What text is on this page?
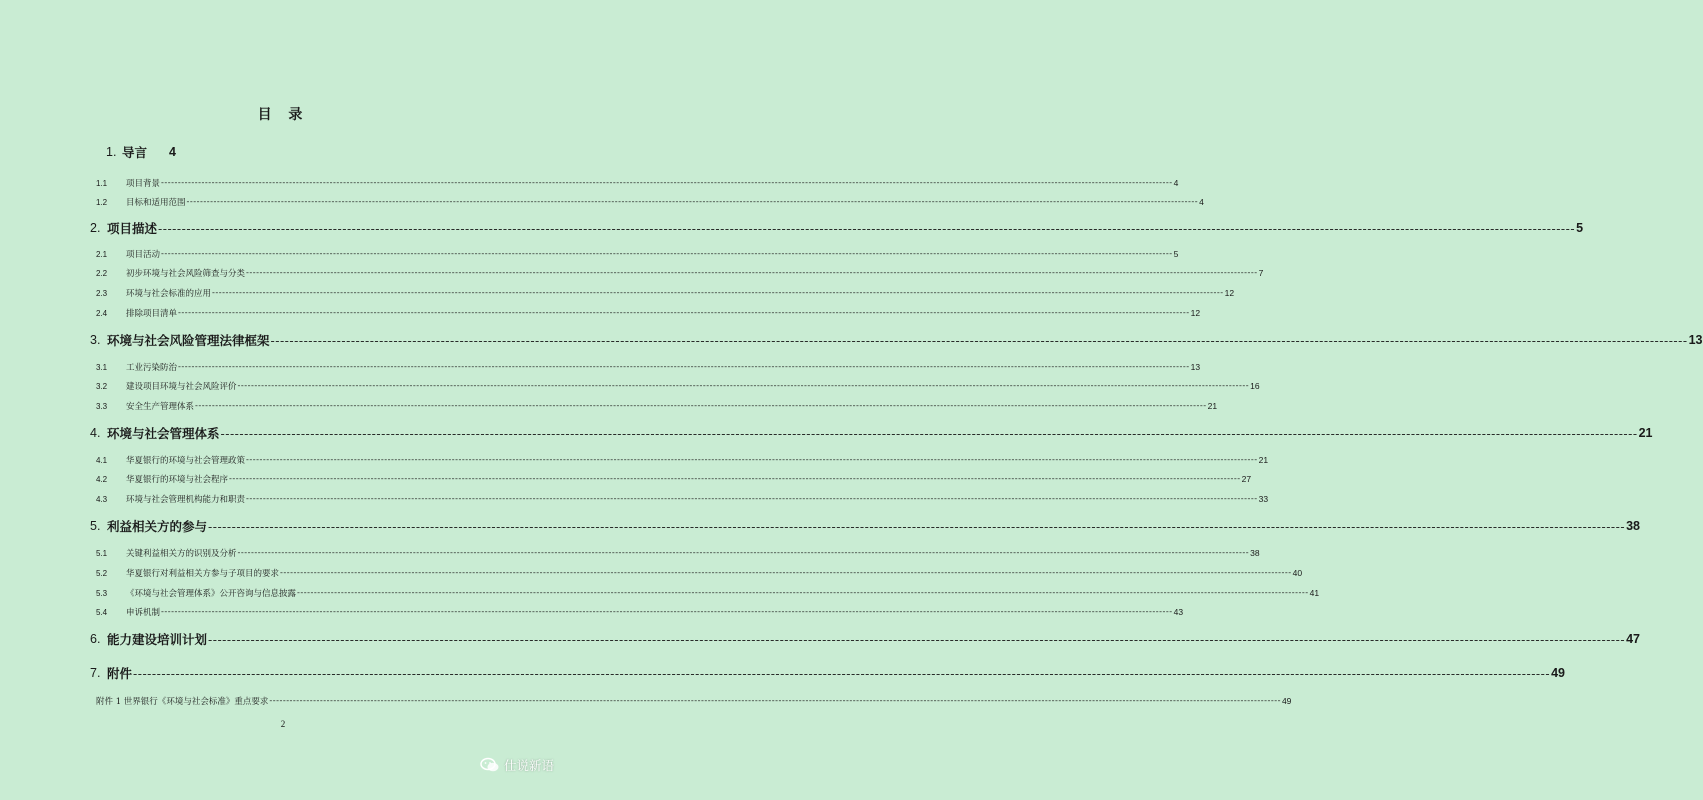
目 录
1. 导言 4
1.1 项目背景 ------------------------------------------------------------------------------------------------------------------------------------------------------------------------------------------------------------------------------------------------------------------------------------------------------------ 4
1.2 目标和适用范围 ------------------------------------------------------------------------------------------------------------------------------------------------------------------------------------------------------------------------------------------------------------------------------------------------------------ 4
2. 项目描述 ------------------------------------------------------------------------------------------------------------------------------------------------------------------------------------------------------------------------------------------------------------------------------------------------------------ 5
2.1 项目活动 ------------------------------------------------------------------------------------------------------------------------------------------------------------------------------------------------------------------------------------------------------------------------------------------------------------ 5
2.2 初步环境与社会风险筛查与分类 ------------------------------------------------------------------------------------------------------------------------------------------------------------------------------------------------------------------------------------------------------------------------------------------------------------ 7
2.3 环境与社会标准的应用 ------------------------------------------------------------------------------------------------------------------------------------------------------------------------------------------------------------------------------------------------------------------------------------------------------------ 12
2.4 排除项目清单 ------------------------------------------------------------------------------------------------------------------------------------------------------------------------------------------------------------------------------------------------------------------------------------------------------------ 12
3. 环境与社会风险管理法律框架 ------------------------------------------------------------------------------------------------------------------------------------------------------------------------------------------------------------------------------------------------------------------------------------------------------------ 13
3.1 工业污染防治 ------------------------------------------------------------------------------------------------------------------------------------------------------------------------------------------------------------------------------------------------------------------------------------------------------------ 13
3.2 建设项目环境与社会风险评价 ------------------------------------------------------------------------------------------------------------------------------------------------------------------------------------------------------------------------------------------------------------------------------------------------------------ 16
3.3 安全生产管理体系 ------------------------------------------------------------------------------------------------------------------------------------------------------------------------------------------------------------------------------------------------------------------------------------------------------------ 21
4. 环境与社会管理体系 ------------------------------------------------------------------------------------------------------------------------------------------------------------------------------------------------------------------------------------------------------------------------------------------------------------ 21
4.1 华夏银行的环境与社会管理政策 ------------------------------------------------------------------------------------------------------------------------------------------------------------------------------------------------------------------------------------------------------------------------------------------------------------ 21
4.2 华夏银行的环境与社会程序 ------------------------------------------------------------------------------------------------------------------------------------------------------------------------------------------------------------------------------------------------------------------------------------------------------------ 27
4.3 环境与社会管理机构能力和职责 ------------------------------------------------------------------------------------------------------------------------------------------------------------------------------------------------------------------------------------------------------------------------------------------------------------ 33
5. 利益相关方的参与 ------------------------------------------------------------------------------------------------------------------------------------------------------------------------------------------------------------------------------------------------------------------------------------------------------------ 38
5.1 关键利益相关方的识别及分析 ------------------------------------------------------------------------------------------------------------------------------------------------------------------------------------------------------------------------------------------------------------------------------------------------------------ 38
5.2 华夏银行对利益相关方参与子项目的要求 ------------------------------------------------------------------------------------------------------------------------------------------------------------------------------------------------------------------------------------------------------------------------------------------------------------ 40
5.3 《环境与社会管理体系》公开咨询与信息披露 ------------------------------------------------------------------------------------------------------------------------------------------------------------------------------------------------------------------------------------------------------------------------------------------------------------ 41
5.4 申诉机制 ------------------------------------------------------------------------------------------------------------------------------------------------------------------------------------------------------------------------------------------------------------------------------------------------------------ 43
6. 能力建设培训计划 ------------------------------------------------------------------------------------------------------------------------------------------------------------------------------------------------------------------------------------------------------------------------------------------------------------ 47
7. 附件 ------------------------------------------------------------------------------------------------------------------------------------------------------------------------------------------------------------------------------------------------------------------------------------------------------------ 49
附件 1 世界银行《环境与社会标准》重点要求 ------------------------------------------------------------------------------------------------------------------------------------------------------------------------------------------------------------------------------------------------------------------------------------------------------------ 49
2
仕说新语
